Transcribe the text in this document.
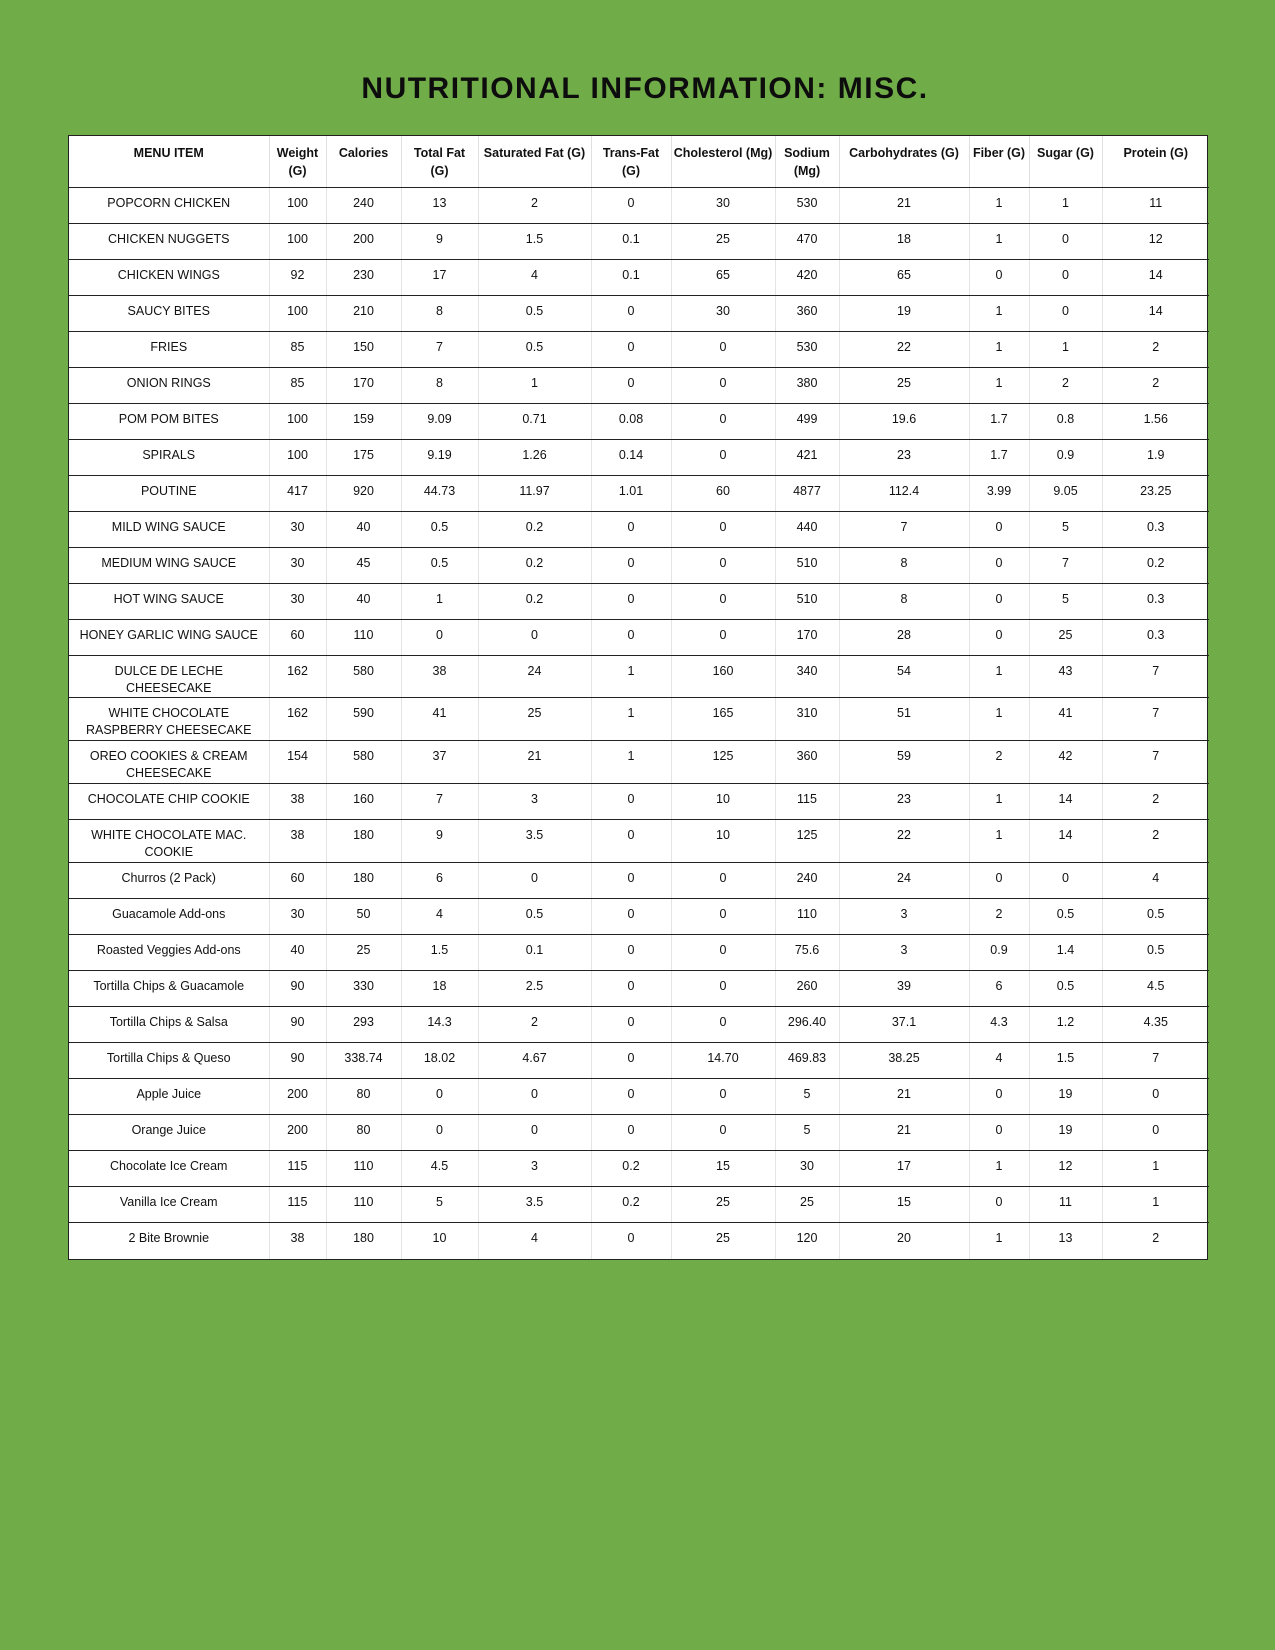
NUTRITIONAL INFORMATION: MISC.
MENU ITEM	Weight (G)	Calories	Total Fat (G)	Saturated Fat (G)	Trans-Fat (G)	Cholesterol (Mg)	Sodium (Mg)	Carbohydrates (G)	Fiber (G)	Sugar (G)	Protein (G)
POPCORN CHICKEN	100	240	13	2	0	30	530	21	1	1	11
CHICKEN NUGGETS	100	200	9	1.5	0.1	25	470	18	1	0	12
CHICKEN WINGS	92	230	17	4	0.1	65	420	65	0	0	14
SAUCY BITES	100	210	8	0.5	0	30	360	19	1	0	14
FRIES	85	150	7	0.5	0	0	530	22	1	1	2
ONION RINGS	85	170	8	1	0	0	380	25	1	2	2
POM POM BITES	100	159	9.09	0.71	0.08	0	499	19.6	1.7	0.8	1.56
SPIRALS	100	175	9.19	1.26	0.14	0	421	23	1.7	0.9	1.9
POUTINE	417	920	44.73	11.97	1.01	60	4877	112.4	3.99	9.05	23.25
MILD WING SAUCE	30	40	0.5	0.2	0	0	440	7	0	5	0.3
MEDIUM WING SAUCE	30	45	0.5	0.2	0	0	510	8	0	7	0.2
HOT WING SAUCE	30	40	1	0.2	0	0	510	8	0	5	0.3
HONEY GARLIC WING SAUCE	60	110	0	0	0	0	170	28	0	25	0.3
DULCE DE LECHE CHEESECAKE	162	580	38	24	1	160	340	54	1	43	7
WHITE CHOCOLATE RASPBERRY CHEESECAKE	162	590	41	25	1	165	310	51	1	41	7
OREO COOKIES & CREAM CHEESECAKE	154	580	37	21	1	125	360	59	2	42	7
CHOCOLATE CHIP COOKIE	38	160	7	3	0	10	115	23	1	14	2
WHITE CHOCOLATE MAC. COOKIE	38	180	9	3.5	0	10	125	22	1	14	2
Churros (2 Pack)	60	180	6	0	0	0	240	24	0	0	4
Guacamole Add-ons	30	50	4	0.5	0	0	110	3	2	0.5	0.5
Roasted Veggies Add-ons	40	25	1.5	0.1	0	0	75.6	3	0.9	1.4	0.5
Tortilla Chips & Guacamole	90	330	18	2.5	0	0	260	39	6	0.5	4.5
Tortilla Chips & Salsa	90	293	14.3	2	0	0	296.40	37.1	4.3	1.2	4.35
Tortilla Chips & Queso	90	338.74	18.02	4.67	0	14.70	469.83	38.25	4	1.5	7
Apple Juice	200	80	0	0	0	0	5	21	0	19	0
Orange Juice	200	80	0	0	0	0	5	21	0	19	0
Chocolate Ice Cream	115	110	4.5	3	0.2	15	30	17	1	12	1
Vanilla Ice Cream	115	110	5	3.5	0.2	25	25	15	0	11	1
2 Bite Brownie	38	180	10	4	0	25	120	20	1	13	2
